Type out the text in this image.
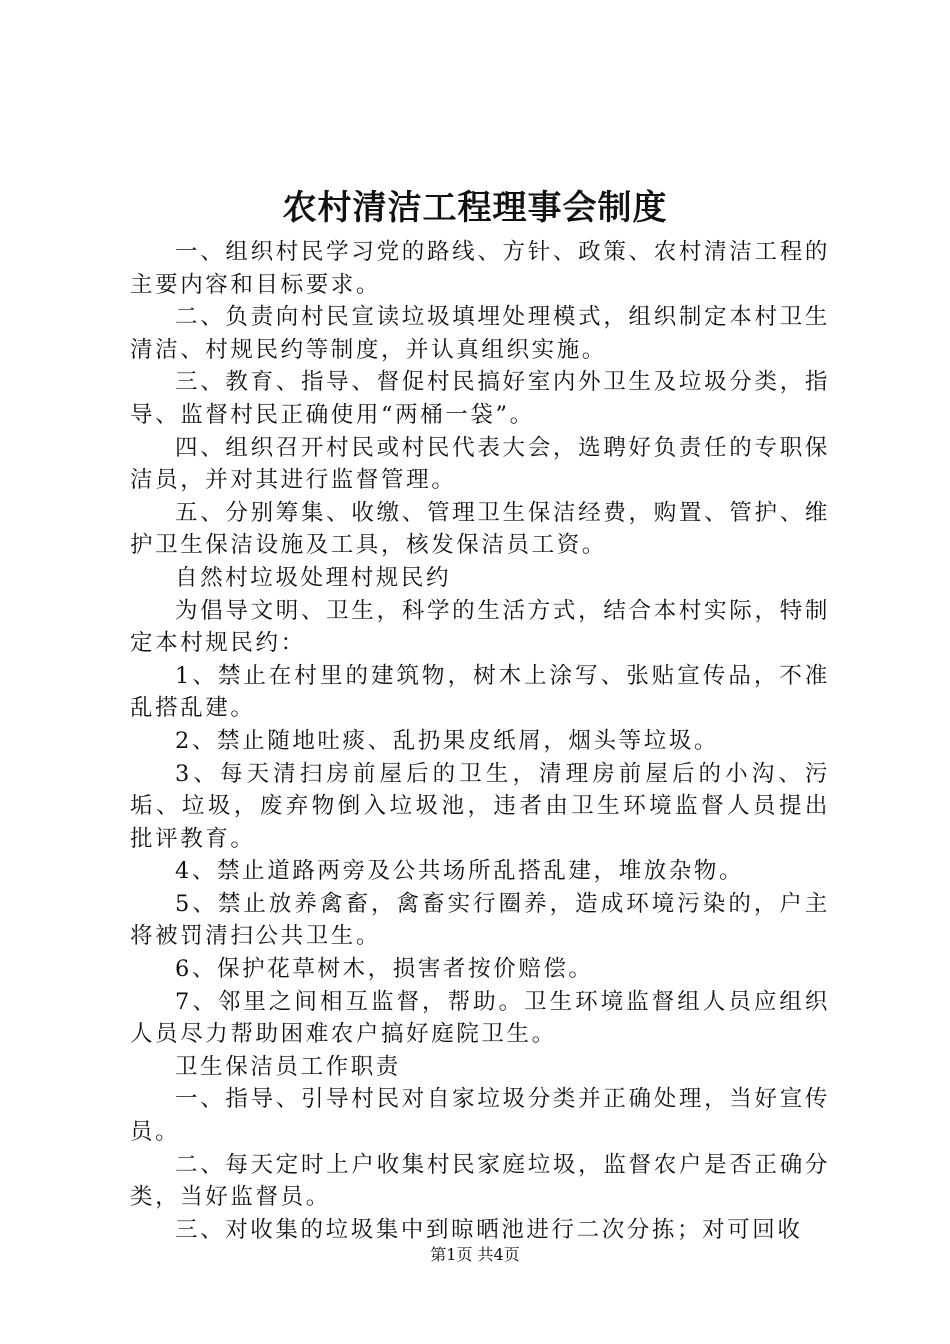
农村清洁工程理事会制度

一、组织村民学习党的路线、方针、政策、农村清洁工程的主要内容和目标要求。

二、负责向村民宣读垃圾填埋处理模式，组织制定本村卫生清洁、村规民约等制度，并认真组织实施。

三、教育、指导、督促村民搞好室内外卫生及垃圾分类，指导、监督村民正确使用“两桶一袋”。

四、组织召开村民或村民代表大会，选聘好负责任的专职保洁员，并对其进行监督管理。

五、分别筹集、收缴、管理卫生保洁经费，购置、管护、维护卫生保洁设施及工具，核发保洁员工资。

自然村垃圾处理村规民约

为倡导文明、卫生，科学的生活方式，结合本村实际，特制定本村规民约：

1、禁止在村里的建筑物，树木上涂写、张贴宣传品，不准乱搭乱建。

2、禁止随地吐痰、乱扔果皮纸屑，烟头等垃圾。

3、每天清扫房前屋后的卫生，清理房前屋后的小沟、污垢、垃圾，废弃物倒入垃圾池，违者由卫生环境监督人员提出批评教育。

4、禁止道路两旁及公共场所乱搭乱建，堆放杂物。

5、禁止放养禽畜，禽畜实行圈养，造成环境污染的，户主将被罚清扫公共卫生。

6、保护花草树木，损害者按价赔偿。

7、邻里之间相互监督，帮助。卫生环境监督组人员应组织人员尽力帮助困难农户搞好庭院卫生。

卫生保洁员工作职责

一、指导、引导村民对自家垃圾分类并正确处理，当好宣传员。

二、每天定时上户收集村民家庭垃圾，监督农户是否正确分类，当好监督员。

三、对收集的垃圾集中到晾晒池进行二次分拣；对可回收

第1页 共4页
